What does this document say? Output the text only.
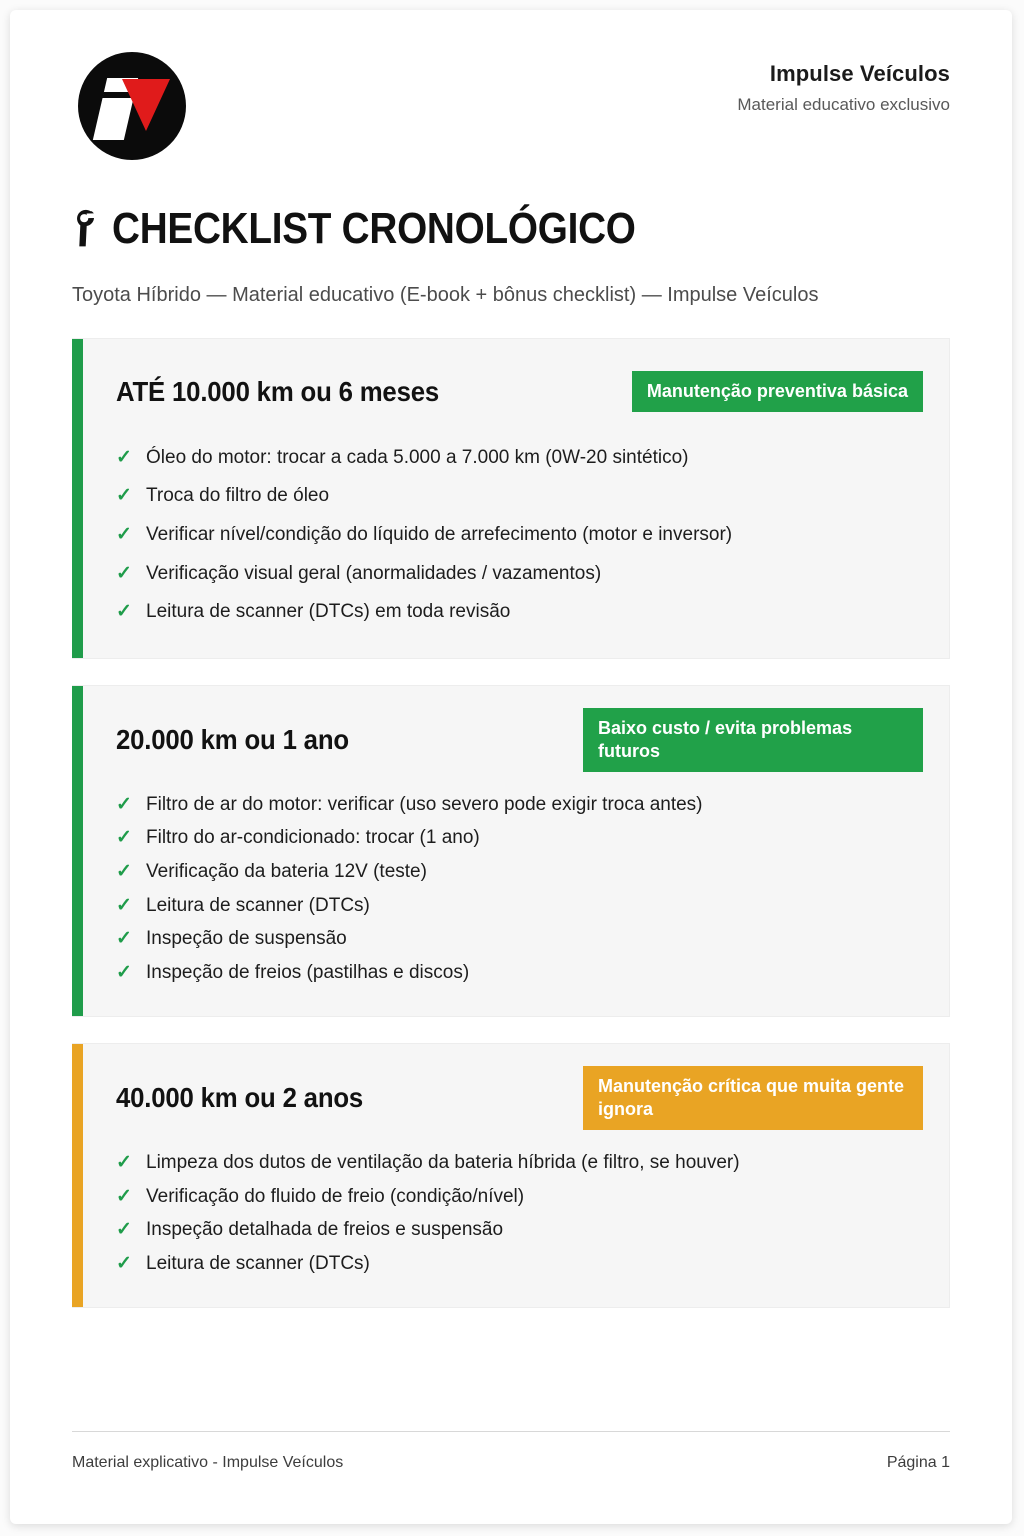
Impulse Veículos
Material educativo exclusivo
CHECKLIST CRONOLÓGICO
Toyota Híbrido — Material educativo (E-book + bônus checklist) — Impulse Veículos
ATÉ 10.000 km ou 6 meses	Manutenção preventiva básica
✓ Óleo do motor: trocar a cada 5.000 a 7.000 km (0W-20 sintético)
✓ Troca do filtro de óleo
✓ Verificar nível/condição do líquido de arrefecimento (motor e inversor)
✓ Verificação visual geral (anormalidades / vazamentos)
✓ Leitura de scanner (DTCs) em toda revisão
20.000 km ou 1 ano	Baixo custo / evita problemas futuros
✓ Filtro de ar do motor: verificar (uso severo pode exigir troca antes)
✓ Filtro do ar-condicionado: trocar (1 ano)
✓ Verificação da bateria 12V (teste)
✓ Leitura de scanner (DTCs)
✓ Inspeção de suspensão
✓ Inspeção de freios (pastilhas e discos)
40.000 km ou 2 anos	Manutenção crítica que muita gente ignora
✓ Limpeza dos dutos de ventilação da bateria híbrida (e filtro, se houver)
✓ Verificação do fluido de freio (condição/nível)
✓ Inspeção detalhada de freios e suspensão
✓ Leitura de scanner (DTCs)
Material explicativo - Impulse Veículos	Página 1
